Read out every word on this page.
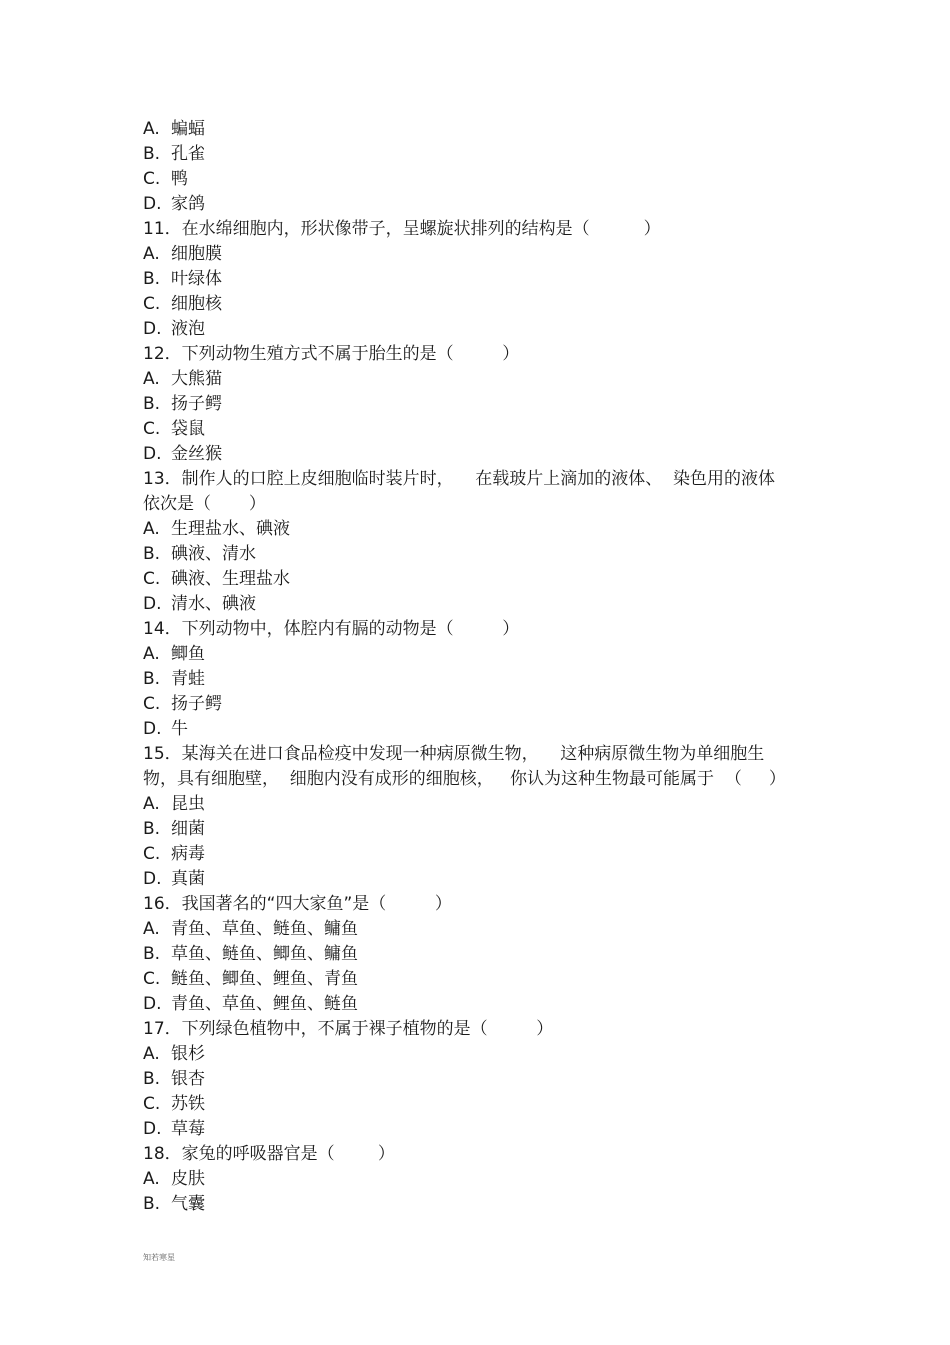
A. 蝙蝠
B. 孔雀
C. 鸭
D. 家鸽
11．在水绵细胞内，形状像带子，呈螺旋状排列的结构是（          ）
A. 细胞膜
B. 叶绿体
C. 细胞核
D. 液泡
12．下列动物生殖方式不属于胎生的是（         ）
A. 大熊猫
B. 扬子鳄
C. 袋鼠
D. 金丝猴
13．制作人的口腔上皮细胞临时装片时，    在载玻片上滴加的液体、  染色用的液体
依次是（       ）
A. 生理盐水、碘液
B. 碘液、清水
C. 碘液、生理盐水
D. 清水、碘液
14．下列动物中，体腔内有膈的动物是（         ）
A. 鲫鱼
B. 青蛙
C. 扬子鳄
D. 牛
15．某海关在进口食品检疫中发现一种病原微生物，    这种病原微生物为单细胞生
物，具有细胞壁，  细胞内没有成形的细胞核，   你认为这种生物最可能属于  （     ）
A. 昆虫
B. 细菌
C. 病毒
D. 真菌
16．我国著名的“四大家鱼”是（         ）
A. 青鱼、草鱼、鲢鱼、鳙鱼
B. 草鱼、鲢鱼、鲫鱼、鳙鱼
C. 鲢鱼、鲫鱼、鲤鱼、青鱼
D. 青鱼、草鱼、鲤鱼、鲢鱼
17．下列绿色植物中，不属于裸子植物的是（         ）
A. 银杉
B. 银杏
C. 苏铁
D. 草莓
18．家兔的呼吸器官是（        ）
A. 皮肤
B. 气囊
知若寒星
